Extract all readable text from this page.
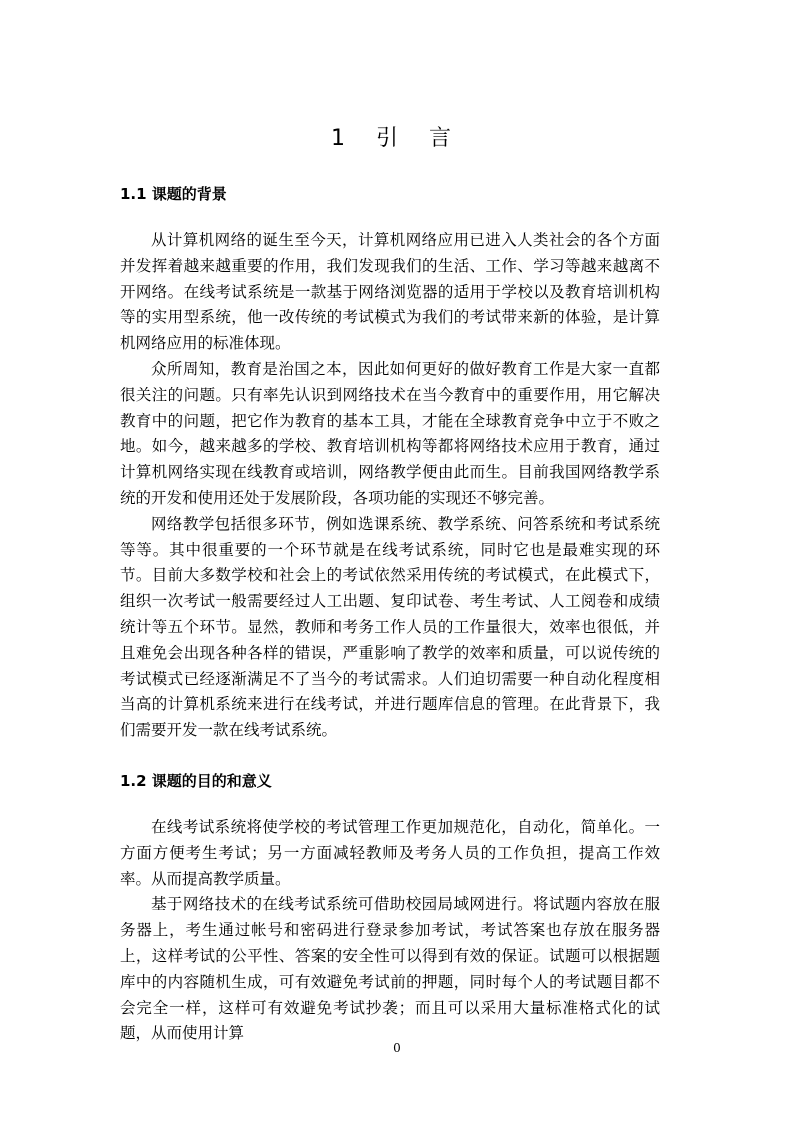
1 引 言
1.1 课题的背景

从计算机网络的诞生至今天，计算机网络应用已进入人类社会的各个方面并发挥着越来越重要的作用，我们发现我们的生活、工作、学习等越来越离不开网络。在线考试系统是一款基于网络浏览器的适用于学校以及教育培训机构等的实用型系统，他一改传统的考试模式为我们的考试带来新的体验，是计算机网络应用的标准体现。

众所周知，教育是治国之本，因此如何更好的做好教育工作是大家一直都很关注的问题。只有率先认识到网络技术在当今教育中的重要作用，用它解决教育中的问题，把它作为教育的基本工具，才能在全球教育竞争中立于不败之地。如今，越来越多的学校、教育培训机构等都将网络技术应用于教育，通过计算机网络实现在线教育或培训，网络教学便由此而生。目前我国网络教学系统的开发和使用还处于发展阶段，各项功能的实现还不够完善。

网络教学包括很多环节，例如选课系统、教学系统、问答系统和考试系统等等。其中很重要的一个环节就是在线考试系统，同时它也是最难实现的环节。目前大多数学校和社会上的考试依然采用传统的考试模式，在此模式下，组织一次考试一般需要经过人工出题、复印试卷、考生考试、人工阅卷和成绩统计等五个环节。显然，教师和考务工作人员的工作量很大，效率也很低，并且难免会出现各种各样的错误，严重影响了教学的效率和质量，可以说传统的考试模式已经逐渐满足不了当今的考试需求。人们迫切需要一种自动化程度相当高的计算机系统来进行在线考试，并进行题库信息的管理。在此背景下，我们需要开发一款在线考试系统。

1.2 课题的目的和意义

在线考试系统将使学校的考试管理工作更加规范化，自动化，简单化。一方面方便考生考试；另一方面减轻教师及考务人员的工作负担，提高工作效率。从而提高教学质量。

基于网络技术的在线考试系统可借助校园局域网进行。将试题内容放在服务器上，考生通过帐号和密码进行登录参加考试，考试答案也存放在服务器上，这样考试的公平性、答案的安全性可以得到有效的保证。试题可以根据题库中的内容随机生成，可有效避免考试前的押题，同时每个人的考试题目都不会完全一样，这样可有效避免考试抄袭；而且可以采用大量标准格式化的试题，从而使用计算

0
